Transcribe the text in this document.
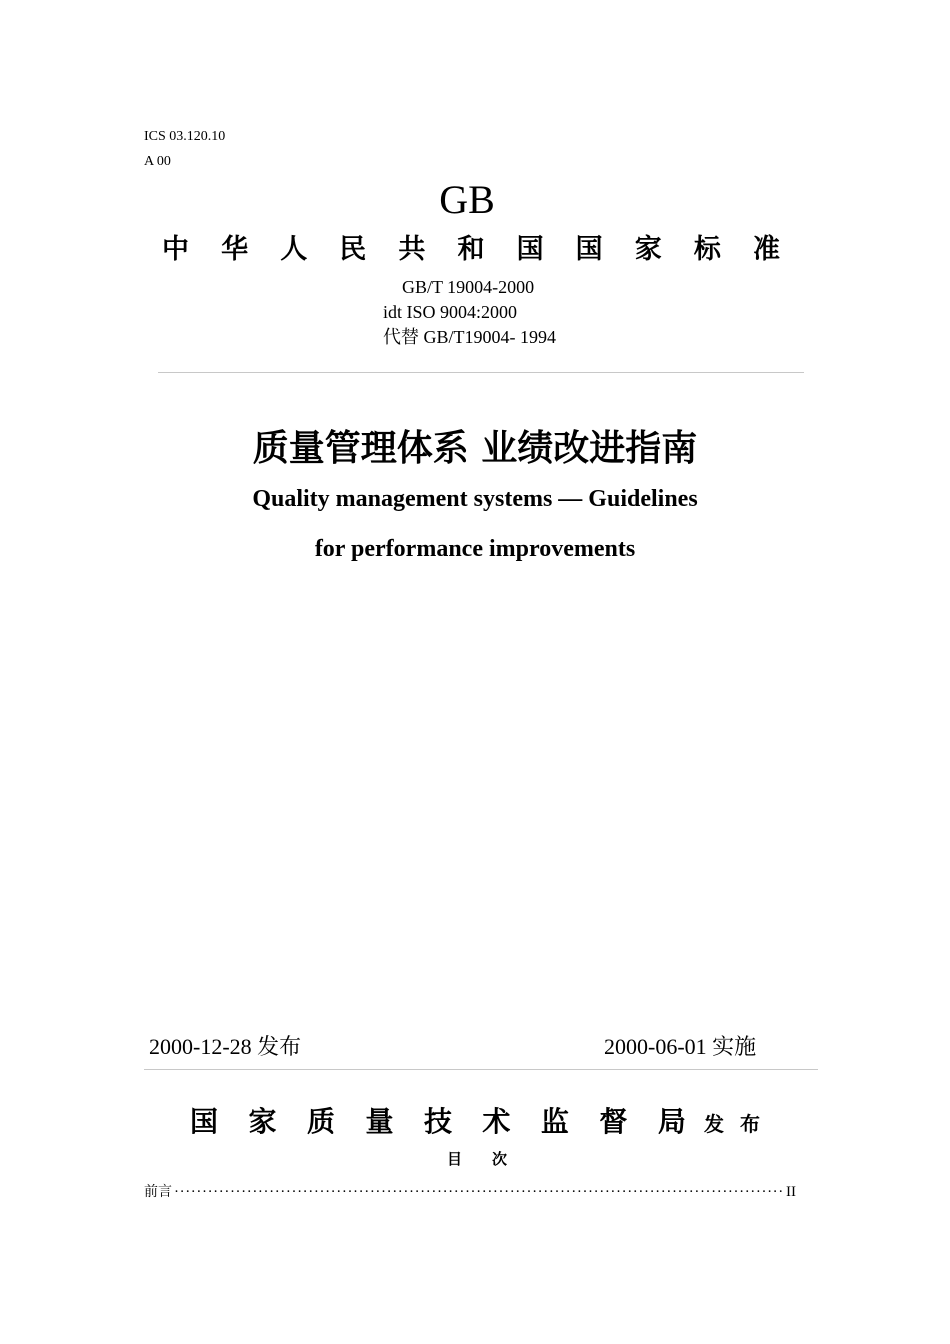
ICS 03.120.10
A 00
GB
中 华 人 民 共 和 国 国 家 标 准
GB/T 19004-2000
idt ISO 9004:2000
代替 GB/T19004- 1994
质量管理体系 业绩改进指南
Quality management systems — Guidelines
for performance improvements
2000-12-28 发布	2000-06-01 实施
国 家 质 量 技 术 监 督 局 发 布
目 次
前言
·····	II
